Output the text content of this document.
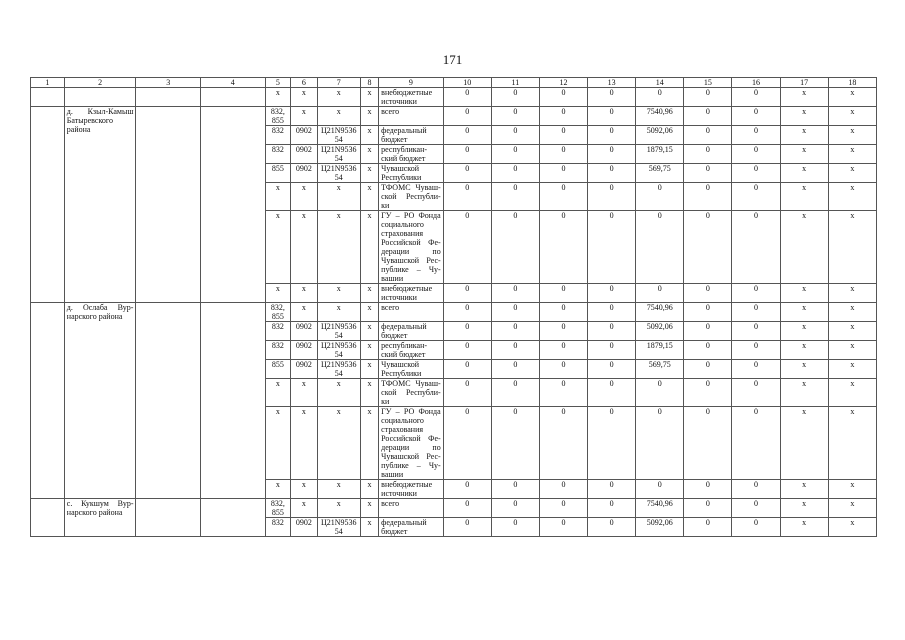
171
1	2	3	4	5	6	7	8	9	10	11	12	13	14	15	16	17	18
				x	x	x	x	внебюджетные источники	0	0	0	0	0	0	0	x	x
	д. Кзыл-Камыш Батыревского района			832, 855	x	x	x	всего	0	0	0	0	7540,96	0	0	x	x
				832	0902	Ц21N9536 54	x	федеральный бюджет	0	0	0	0	5092,06	0	0	x	x
				832	0902	Ц21N9536 54	x	республикан- ский бюджет	0	0	0	0	1879,15	0	0	x	x
				855	0902	Ц21N9536 54	x	Чувашской Республики	0	0	0	0	569,75	0	0	x	x
				x	x	x	x	ТФОМС Чуваш- ской Республи- ки	0	0	0	0	0	0	0	x	x
				x	x	x	x	ГУ – РО Фонда социального страхования Российской Фе- дерации по Чувашской Рес- публике – Чу- вашии	0	0	0	0	0	0	0	x	x
				x	x	x	x	внебюджетные источники	0	0	0	0	0	0	0	x	x
	д. Ослаба Вур- нарского района			832, 855	x	x	x	всего	0	0	0	0	7540,96	0	0	x	x
				832	0902	Ц21N9536 54	x	федеральный бюджет	0	0	0	0	5092,06	0	0	x	x
				832	0902	Ц21N9536 54	x	республикан- ский бюджет	0	0	0	0	1879,15	0	0	x	x
				855	0902	Ц21N9536 54	x	Чувашской Республики	0	0	0	0	569,75	0	0	x	x
				x	x	x	x	ТФОМС Чуваш- ской Республи- ки	0	0	0	0	0	0	0	x	x
				x	x	x	x	ГУ – РО Фонда социального страхования Российской Фе- дерации по Чувашской Рес- публике – Чу- вашии	0	0	0	0	0	0	0	x	x
				x	x	x	x	внебюджетные источники	0	0	0	0	0	0	0	x	x
	с. Кукшум Вур- нарского района			832, 855	x	x	x	всего	0	0	0	0	7540,96	0	0	x	x
				832	0902	Ц21N9536 54	x	федеральный бюджет	0	0	0	0	5092,06	0	0	x	x
